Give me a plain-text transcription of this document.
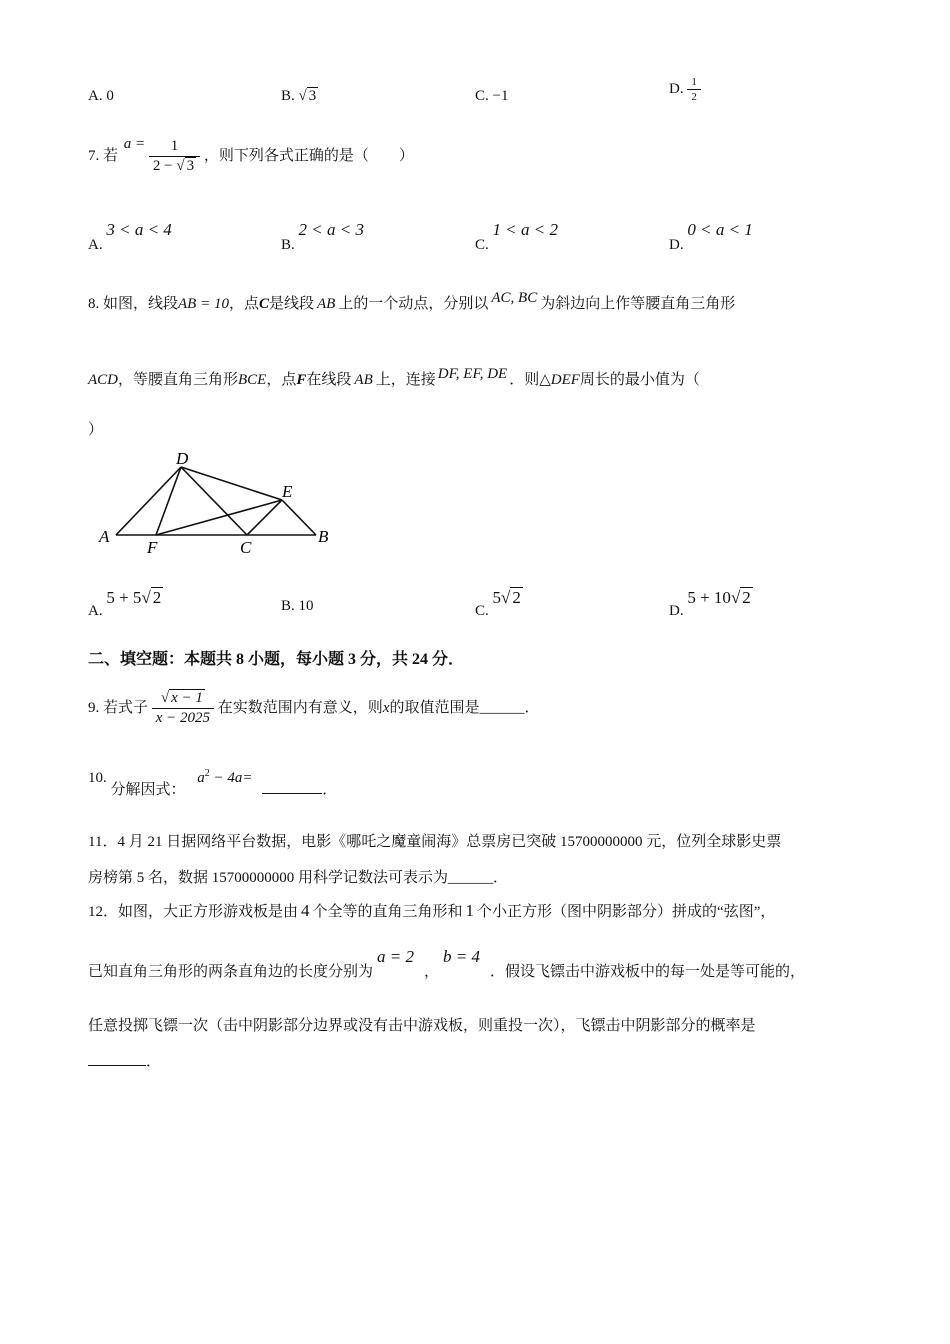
A. 0	B. √ 3	C. −1	D. $\frac{1}{2}$
7. 若 $a = \frac{1}{2 - √ 3}$ ，则下列各式正确的是（　　）
A. 3 < a < 4
B. 2 < a < 3
C. 1 < a < 2
D. 0 < a < 1
8. 如图，线段AB = 10，点C是线段 AB 上的一个动点，分别以 AC, BC 为斜边向上作等腰直角三角形
ACD，等腰直角三角形BCE，点F在线段 AB 上，连接 DF, EF, DE ．则△DEF周长的最小值为（
）
A	B
C
D
E
F
A. 5 + 5√ 2	B. 10	C. 5√ 2
D. 5 + 10√ 2
二、填空题：本题共 8 小题，每小题 3 分，共 24 分．
9. 若式子 $\frac{√ x - 1}{x - 2025}$ 在实数范围内有意义，则x的取值范围是______．
10. 分解因式： $a^2 - 4a=$ ．
11．4 月 21 日据网络平台数据，电影《哪吒之魔童闹海》总票房已突破 15700000000 元，位列全球影史票
房榜第 5 名，数据 15700000000 用科学记数法可表示为______．
12．如图，大正方形游戏板是由 4 个全等的直角三角形和 1 个小正方形（图中阴影部分）拼成的“弦图”，
已知直角三角形的两条直角边的长度分别为a = 2，b = 4．假设飞镖击中游戏板中的每一处是等可能的，
任意投掷飞镖一次（击中阴影部分边界或没有击中游戏板，则重投一次），飞镖击中阴影部分的概率是
．
